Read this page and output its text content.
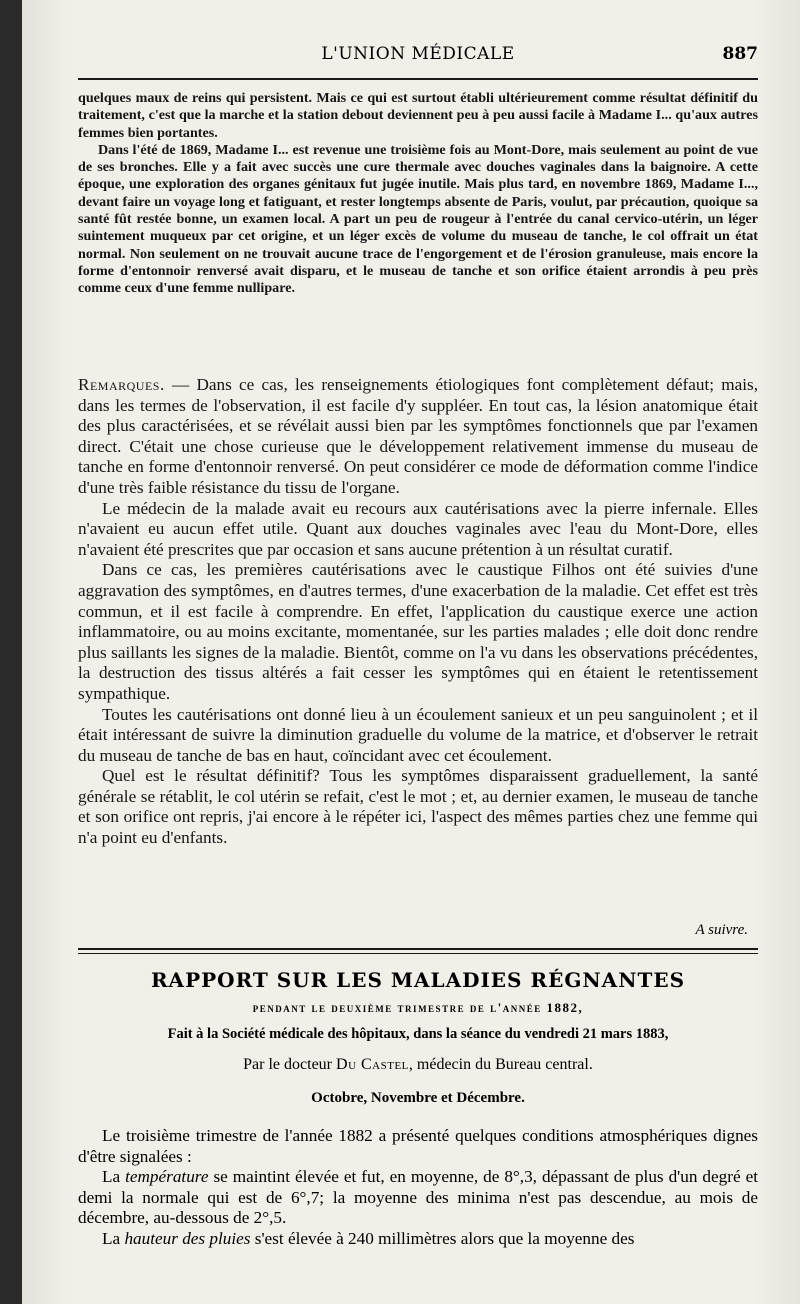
L'UNION MÉDICALE	887

quelques maux de reins qui persistent. Mais ce qui est surtout établi ultérieurement comme résultat définitif du traitement, c'est que la marche et la station debout deviennent peu à peu aussi facile à Madame I... qu'aux autres femmes bien portantes.

Dans l'été de 1869, Madame I... est revenue une troisième fois au Mont-Dore, mais seulement au point de vue de ses bronches. Elle y a fait avec succès une cure thermale avec douches vaginales dans la baignoire. A cette époque, une exploration des organes génitaux fut jugée inutile. Mais plus tard, en novembre 1869, Madame I..., devant faire un voyage long et fatiguant, et rester longtemps absente de Paris, voulut, par précaution, quoique sa santé fût restée bonne, un examen local. A part un peu de rougeur à l'entrée du canal cervico-utérin, un léger suintement muqueux par cet origine, et un léger excès de volume du museau de tanche, le col offrait un état normal. Non seulement on ne trouvait aucune trace de l'engorgement et de l'érosion granuleuse, mais encore la forme d'entonnoir renversé avait disparu, et le museau de tanche et son orifice étaient arrondis à peu près comme ceux d'une femme nullipare.

Remarques. — Dans ce cas, les renseignements étiologiques font complètement défaut; mais, dans les termes de l'observation, il est facile d'y suppléer. En tout cas, la lésion anatomique était des plus caractérisées, et se révélait aussi bien par les symptômes fonctionnels que par l'examen direct. C'était une chose curieuse que le développement relativement immense du museau de tanche en forme d'entonnoir renversé. On peut considérer ce mode de déformation comme l'indice d'une très faible résistance du tissu de l'organe.

Le médecin de la malade avait eu recours aux cautérisations avec la pierre infernale. Elles n'avaient eu aucun effet utile. Quant aux douches vaginales avec l'eau du Mont-Dore, elles n'avaient été prescrites que par occasion et sans aucune prétention à un résultat curatif.

Dans ce cas, les premières cautérisations avec le caustique Filhos ont été suivies d'une aggravation des symptômes, en d'autres termes, d'une exacerbation de la maladie. Cet effet est très commun, et il est facile à comprendre. En effet, l'application du caustique exerce une action inflammatoire, ou au moins excitante, momentanée, sur les parties malades ; elle doit donc rendre plus saillants les signes de la maladie. Bientôt, comme on l'a vu dans les observations précédentes, la destruction des tissus altérés a fait cesser les symptômes qui en étaient le retentissement sympathique.

Toutes les cautérisations ont donné lieu à un écoulement sanieux et un peu sanguinolent ; et il était intéressant de suivre la diminution graduelle du volume de la matrice, et d'observer le retrait du museau de tanche de bas en haut, coïncidant avec cet écoulement.

Quel est le résultat définitif? Tous les symptômes disparaissent graduellement, la santé générale se rétablit, le col utérin se refait, c'est le mot ; et, au dernier examen, le museau de tanche et son orifice ont repris, j'ai encore à le répéter ici, l'aspect des mêmes parties chez une femme qui n'a point eu d'enfants.

A suivre.
RAPPORT SUR LES MALADIES RÉGNANTES
pendant le deuxième trimestre de l'année 1882,
Fait à la Société médicale des hôpitaux, dans la séance du vendredi 21 mars 1883,
Par le docteur Du Castel, médecin du Bureau central.
Octobre, Novembre et Décembre.

Le troisième trimestre de l'année 1882 a présenté quelques conditions atmosphériques dignes d'être signalées :

La température se maintint élevée et fut, en moyenne, de 8°,3, dépassant de plus d'un degré et demi la normale qui est de 6°,7; la moyenne des minima n'est pas descendue, au mois de décembre, au-dessous de 2°,5.

La hauteur des pluies s'est élevée à 240 millimètres alors que la moyenne des
